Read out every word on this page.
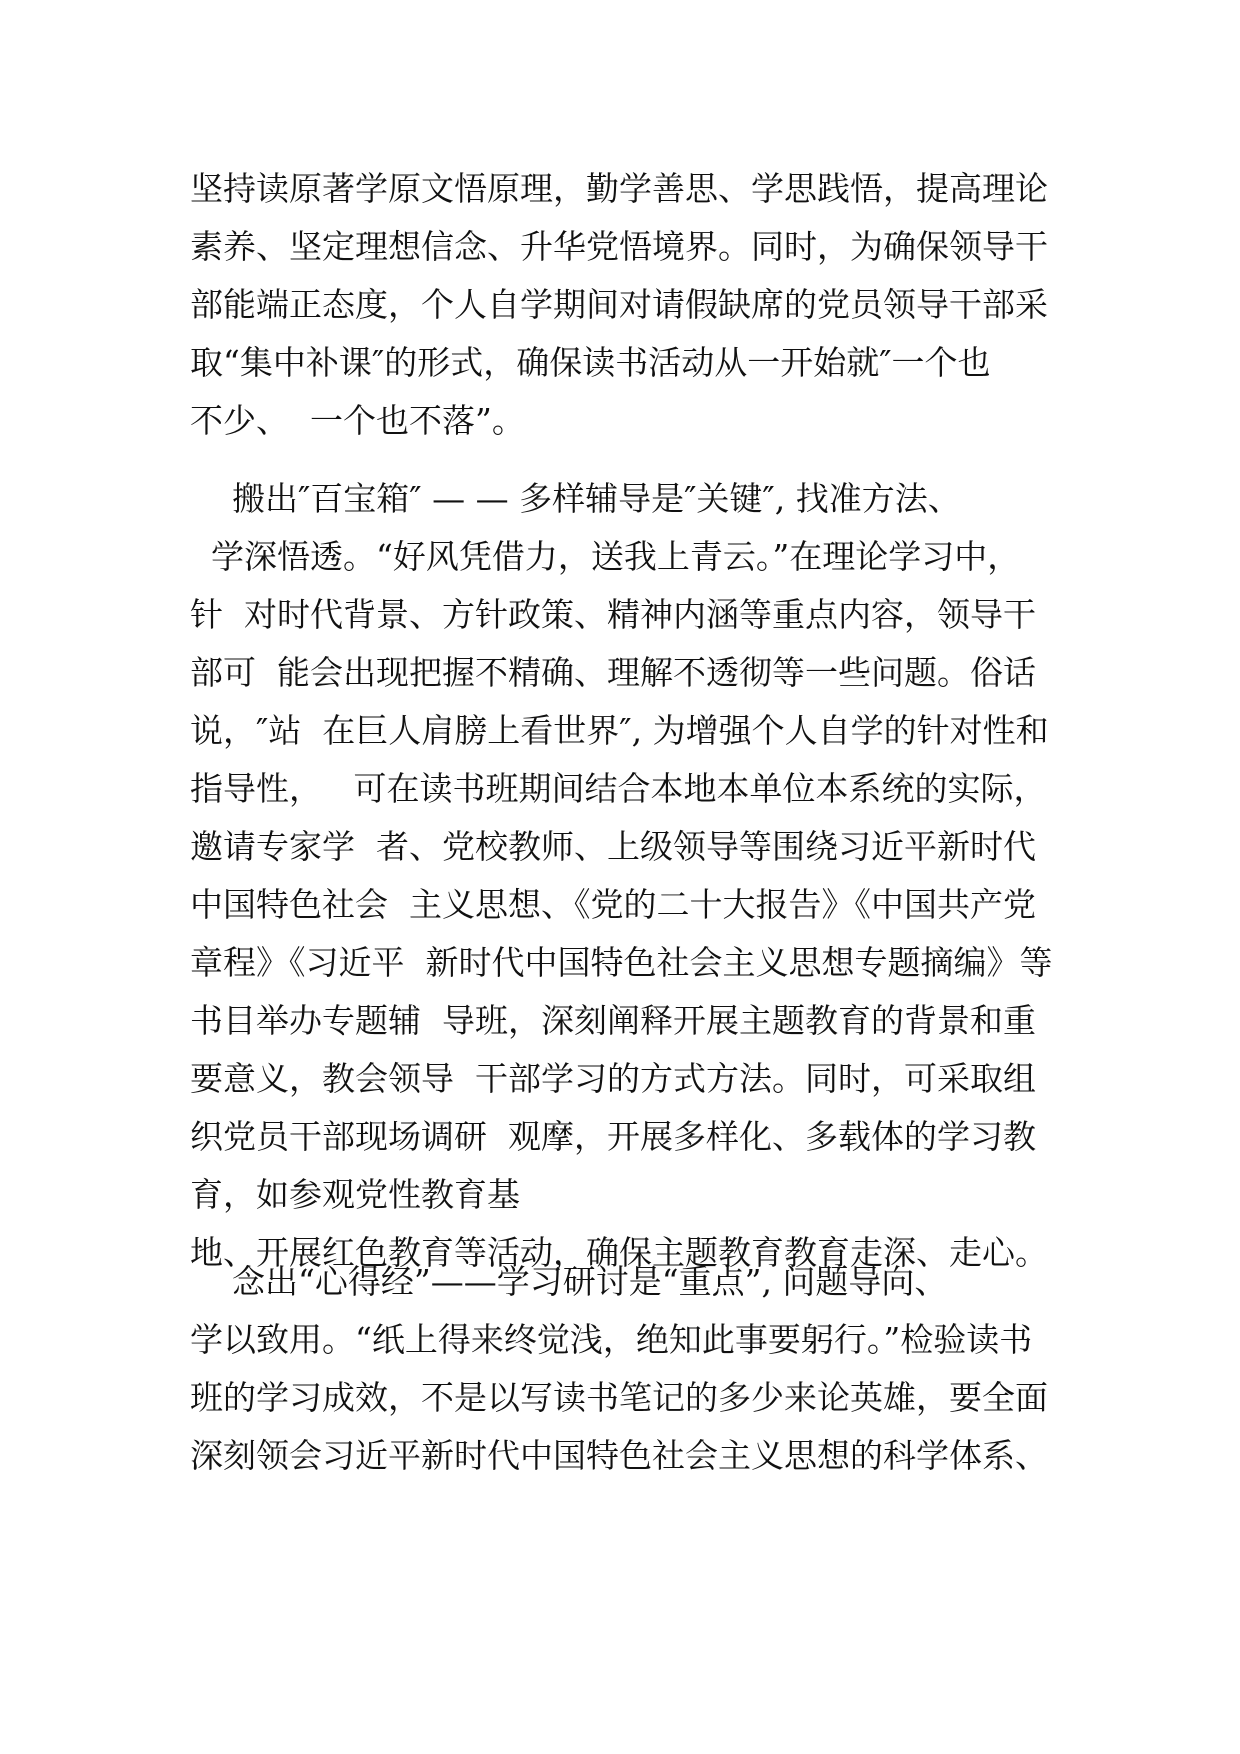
坚持读原著学原文悟原理，勤学善思、学思践悟，提高理论
素养、坚定理想信念、升华党悟境界。同时，为确保领导干
部能端正态度，个人自学期间对请假缺席的党员领导干部采
取“集中补课″的形式，确保读书活动从一开始就″一个也
不少、  一个也不落”。
搬出″百宝箱″ — — 多样辅导是″关键″, 找准方法、
学深悟透。“好风凭借力，送我上青云。”在理论学习中，
针  对时代背景、方针政策、精神内涵等重点内容，领导干
部可  能会出现把握不精确、理解不透彻等一些问题。俗话
说，″站  在巨人肩膀上看世界″, 为增强个人自学的针对性和
指导性，   可在读书班期间结合本地本单位本系统的实际，
邀请专家学  者、党校教师、上级领导等围绕习近平新时代
中国特色社会  主义思想、《党的二十大报告》《中国共产党
章程》《习近平  新时代中国特色社会主义思想专题摘编》等
书目举办专题辅  导班，深刻阐释开展主题教育的背景和重
要意义，教会领导  干部学习的方式方法。同时，可采取组
织党员干部现场调研  观摩，开展多样化、多载体的学习教
育，如参观党性教育基
地、开展红色教育等活动，确保主题教育教育走深、走心。
念出“心得经”——学习研讨是“重点”, 问题导向、
学以致用。“纸上得来终觉浅，绝知此事要躬行。”检验读书
班的学习成效，不是以写读书笔记的多少来论英雄，要全面
深刻领会习近平新时代中国特色社会主义思想的科学体系、
